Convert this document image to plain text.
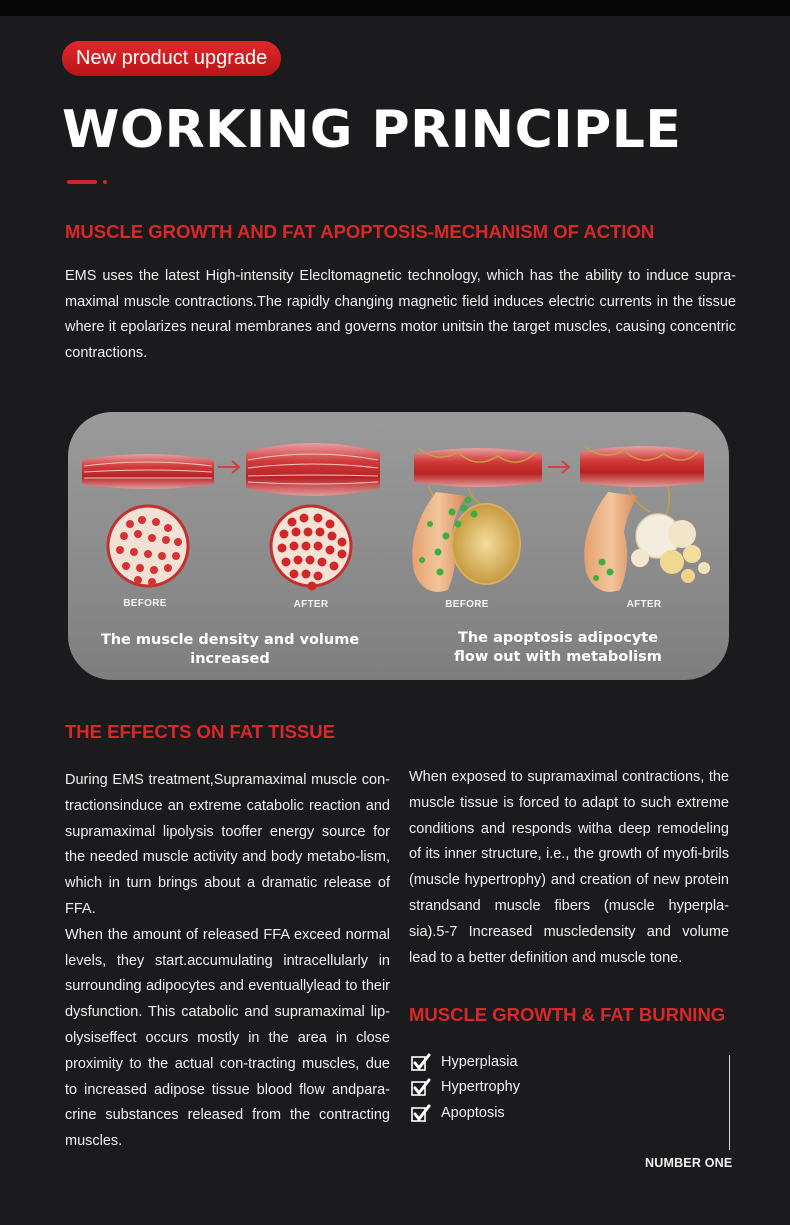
New product upgrade
WORKING PRINCIPLE
MUSCLE GROWTH AND FAT APOPTOSIS-MECHANISM OF ACTION
EMS uses the latest High-intensity Elecltomagnetic technology, which has the ability to induce supra-maximal muscle contractions.The rapidly changing magnetic field induces electric currents in the tissue where it epolarizes neural membranes and governs motor unitsin the target muscles, causing concentric contractions.
BEFORE	AFTER	BEFORE	AFTER
The muscle density and volume increased
The apoptosis adipocyte
flow out with metabolism
THE EFFECTS ON FAT TISSUE
During EMS treatment,Supramaximal muscle con-tractionsinduce an extreme catabolic reaction and supramaximal lipolysis tooffer energy source for the needed muscle activity and body metabo-lism, which in turn brings about a dramatic release of FFA.
When the amount of released FFA exceed normal levels, they start.accumulating intracellularly in surrounding adipocytes and eventuallylead to their dysfunction. This catabolic and supramaximal lip-olysiseffect occurs mostly in the area in close proximity to the actual con-tracting muscles, due to increased adipose tissue blood flow andpara-crine substances released from the contracting muscles.
When exposed to supramaximal contractions, the muscle tissue is forced to adapt to such extreme conditions and responds witha deep remodeling of its inner structure, i.e., the growth of myofi-brils (muscle hypertrophy) and creation of new protein strandsand muscle fibers (muscle hyperpla-sia).5-7 Increased muscledensity and volume lead to a better definition and muscle tone.
MUSCLE GROWTH & FAT BURNING
Hyperplasia
Hypertrophy
Apoptosis
NUMBER ONE
